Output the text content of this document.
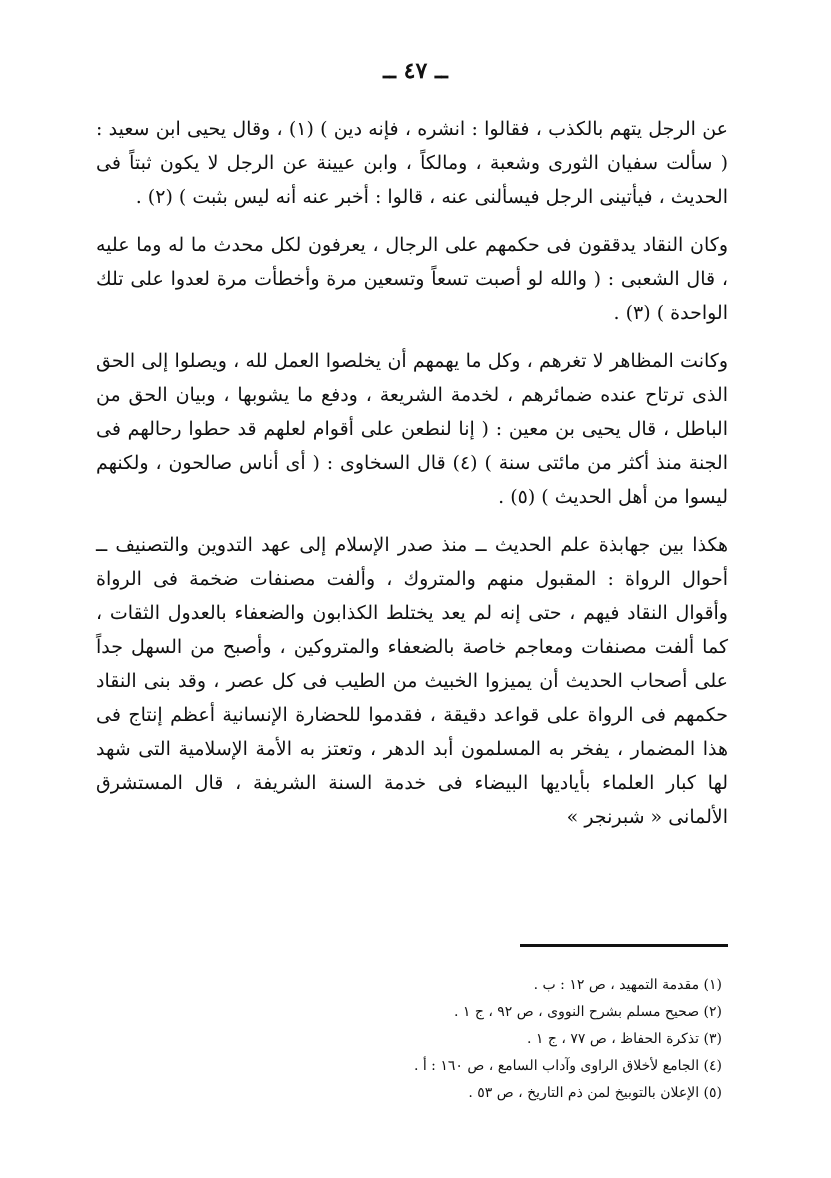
ــ ٤٧ ــ

عن الرجل يتهم بالكذب ، فقالوا : انشره ، فإنه دين ) (١) ، وقال يحيى ابن سعيد : ( سألت سفيان الثورى وشعبة ، ومالكاً ، وابن عيينة عن الرجل لا يكون ثبتاً فى الحديث ، فيأتينى الرجل فيسألنى عنه ، قالوا : أخبر عنه أنه ليس بثبت ) (٢) .

وكان النقاد يدققون فى حكمهم على الرجال ، يعرفون لكل محدث ما له وما عليه ، قال الشعبى : ( والله لو أصبت تسعاً وتسعين مرة وأخطأت مرة لعدوا على تلك الواحدة ) (٣) .

وكانت المظاهر لا تغرهم ، وكل ما يهمهم أن يخلصوا العمل لله ، ويصلوا إلى الحق الذى ترتاح عنده ضمائرهم ، لخدمة الشريعة ، ودفع ما يشوبها ، وبيان الحق من الباطل ، قال يحيى بن معين : ( إنا لنطعن على أقوام لعلهم قد حطوا رحالهم فى الجنة منذ أكثر من مائتى سنة ) (٤) قال السخاوى : ( أى أناس صالحون ، ولكنهم ليسوا من أهل الحديث ) (٥) .

هكذا بين جهابذة علم الحديث ــ منذ صدر الإسلام إلى عهد التدوين والتصنيف ــ أحوال الرواة : المقبول منهم والمتروك ، وألفت مصنفات ضخمة فى الرواة وأقوال النقاد فيهم ، حتى إنه لم يعد يختلط الكذابون والضعفاء بالعدول الثقات ، كما ألفت مصنفات ومعاجم خاصة بالضعفاء والمتروكين ، وأصبح من السهل جداً على أصحاب الحديث أن يميزوا الخبيث من الطيب فى كل عصر ، وقد بنى النقاد حكمهم فى الرواة على قواعد دقيقة ، فقدموا للحضارة الإنسانية أعظم إنتاج فى هذا المضمار ، يفخر به المسلمون أبد الدهر ، وتعتز به الأمة الإسلامية التى شهد لها كبار العلماء بأياديها البيضاء فى خدمة السنة الشريفة ، قال المستشرق الألمانى « شبرنجر »

(١) مقدمة التمهيد ، ص ١٢ : ب .
(٢) صحيح مسلم بشرح النووى ، ص ٩٢ ، ج ١ .
(٣) تذكرة الحفاظ ، ص ٧٧ ، ج ١ .
(٤) الجامع لأخلاق الراوى وآداب السامع ، ص ١٦٠ : أ .
(٥) الإعلان بالتوبيخ لمن ذم التاريخ ، ص ٥٣ .
